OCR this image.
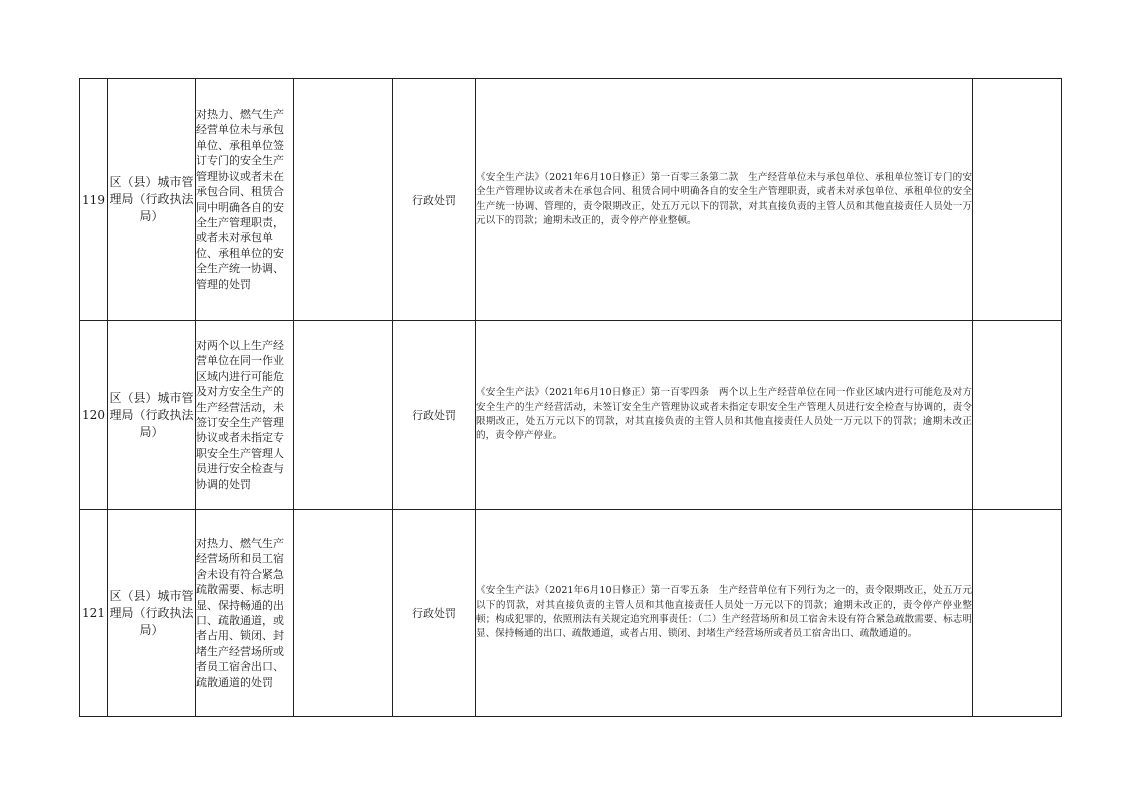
119	区（县）城市管理局（行政执法局）	对热力、燃气生产经营单位未与承包单位、承租单位签订专门的安全生产管理协议或者未在承包合同、租赁合同中明确各自的安全生产管理职责，或者未对承包单位、承租单位的安全生产统一协调、管理的处罚		行政处罚	《安全生产法》（2021年6月10日修正）第一百零三条第二款　生产经营单位未与承包单位、承租单位签订专门的安全生产管理协议或者未在承包合同、租赁合同中明确各自的安全生产管理职责，或者未对承包单位、承租单位的安全生产统一协调、管理的，责令限期改正，处五万元以下的罚款，对其直接负责的主管人员和其他直接责任人员处一万元以下的罚款；逾期未改正的，责令停产停业整顿。	
120	区（县）城市管理局（行政执法局）	对两个以上生产经营单位在同一作业区域内进行可能危及对方安全生产的生产经营活动，未签订安全生产管理协议或者未指定专职安全生产管理人员进行安全检查与协调的处罚		行政处罚	《安全生产法》（2021年6月10日修正）第一百零四条　两个以上生产经营单位在同一作业区域内进行可能危及对方安全生产的生产经营活动，未签订安全生产管理协议或者未指定专职安全生产管理人员进行安全检查与协调的，责令限期改正，处五万元以下的罚款，对其直接负责的主管人员和其他直接责任人员处一万元以下的罚款；逾期未改正的，责令停产停业。	
121	区（县）城市管理局（行政执法局）	对热力、燃气生产经营场所和员工宿舍未设有符合紧急疏散需要、标志明显、保持畅通的出口、疏散通道，或者占用、锁闭、封堵生产经营场所或者员工宿舍出口、疏散通道的处罚		行政处罚	《安全生产法》（2021年6月10日修正）第一百零五条　生产经营单位有下列行为之一的，责令限期改正，处五万元以下的罚款，对其直接负责的主管人员和其他直接责任人员处一万元以下的罚款；逾期未改正的，责令停产停业整顿；构成犯罪的，依照刑法有关规定追究刑事责任：（二）生产经营场所和员工宿舍未设有符合紧急疏散需要、标志明显、保持畅通的出口、疏散通道，或者占用、锁闭、封堵生产经营场所或者员工宿舍出口、疏散通道的。	
